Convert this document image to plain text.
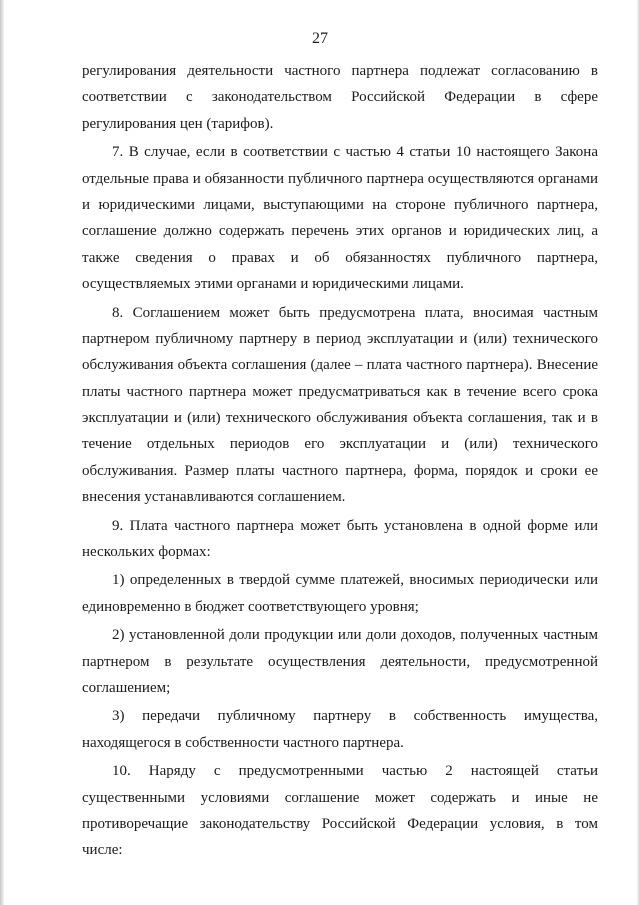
27
регулирования деятельности частного партнера подлежат согласованию в
соответствии с законодательством Российской Федерации в сфере
регулирования цен (тарифов).
7. В случае, если в соответствии с частью 4 статьи 10 настоящего Закона
отдельные права и обязанности публичного партнера осуществляются органами
и юридическими лицами, выступающими на стороне публичного партнера,
соглашение должно содержать перечень этих органов и юридических лиц, а
также сведения о правах и об обязанностях публичного партнера,
осуществляемых этими органами и юридическими лицами.
8. Соглашением может быть предусмотрена плата, вносимая частным
партнером публичному партнеру в период эксплуатации и (или) технического
обслуживания объекта соглашения (далее – плата частного партнера). Внесение
платы частного партнера может предусматриваться как в течение всего срока
эксплуатации и (или) технического обслуживания объекта соглашения, так и в
течение отдельных периодов его эксплуатации и (или) технического
обслуживания. Размер платы частного партнера, форма, порядок и сроки ее
внесения устанавливаются соглашением.
9. Плата частного партнера может быть установлена в одной форме или
нескольких формах:
1) определенных в твердой сумме платежей, вносимых периодически или
единовременно в бюджет соответствующего уровня;
2) установленной доли продукции или доли доходов, полученных частным
партнером в результате осуществления деятельности, предусмотренной
соглашением;
3) передачи публичному партнеру в собственность имущества,
находящегося в собственности частного партнера.
10. Наряду с предусмотренными частью 2 настоящей статьи
существенными условиями соглашение может содержать и иные не
противоречащие законодательству Российской Федерации условия, в том
числе:
